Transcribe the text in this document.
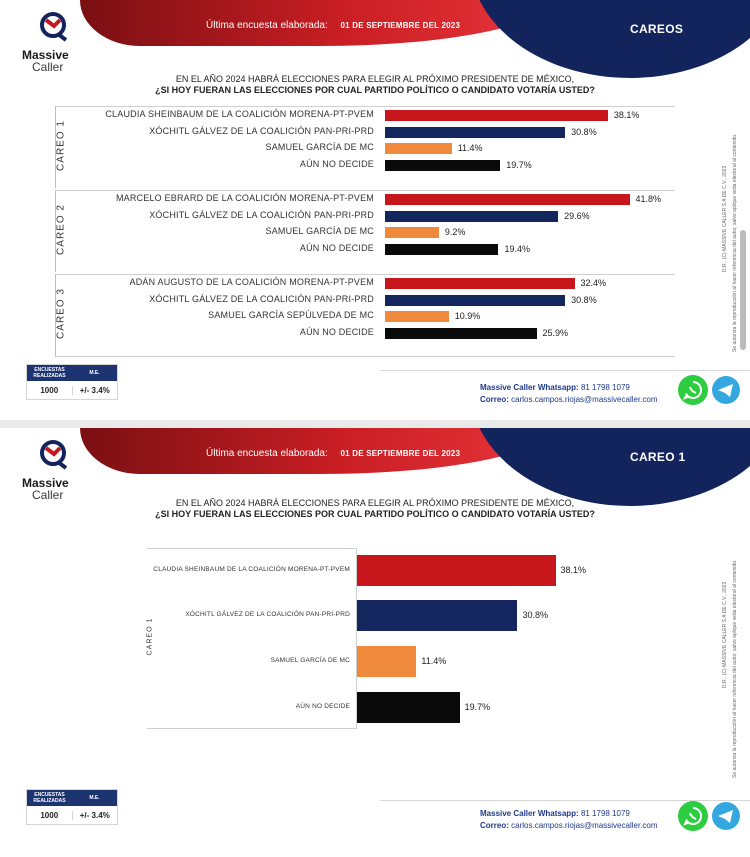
Última encuesta elaborada: 01 DE SEPTIEMBRE DEL 2023	CAREOS
Massive
Caller
EN EL AÑO 2024 HABRÁ ELECCIONES PARA ELEGIR AL PRÓXIMO PRESIDENTE DE MÉXICO,
¿SI HOY FUERAN LAS ELECCIONES POR CUAL PARTIDO POLÍTICO O CANDIDATO VOTARÍA USTED?
CAREO 1
CLAUDIA SHEINBAUM DE LA COALICIÓN MORENA-PT-PVEM	38.1%
XÓCHITL GÁLVEZ DE LA COALICIÓN PAN-PRI-PRD	30.8%
SAMUEL GARCÍA DE MC	11.4%
AÚN NO DECIDE	19.7%
CAREO 2
MARCELO EBRARD DE LA COALICIÓN MORENA-PT-PVEM	41.8%
XÓCHITL GÁLVEZ DE LA COALICIÓN PAN-PRI-PRD	29.6%
SAMUEL GARCÍA DE MC	9.2%
AÚN NO DECIDE	19.4%
CAREO 3
ADÁN AUGUSTO DE LA COALICIÓN MORENA-PT-PVEM	32.4%
XÓCHITL GÁLVEZ DE LA COALICIÓN PAN-PRI-PRD	30.8%
SAMUEL GARCÍA SEPÚLVEDA DE MC	10.9%
AÚN NO DECIDE	25.9%
ENCUESTAS REALIZADAS	M.E.
1000	+/- 3.4%	Massive Caller Whatsapp: 81 1798 1079
Correo: carlos.campos.riojas@massivecaller.com
D.R., (C) MASSIVE CALLER S.A DE C.V., 2023 Se autoriza la reproducción al hacer referencia del autor, salvo aplique veda electoral al contenido.
Última encuesta elaborada: 01 DE SEPTIEMBRE DEL 2023	CAREO 1
Massive
Caller
EN EL AÑO 2024 HABRÁ ELECCIONES PARA ELEGIR AL PRÓXIMO PRESIDENTE DE MÉXICO,
¿SI HOY FUERAN LAS ELECCIONES POR CUAL PARTIDO POLÍTICO O CANDIDATO VOTARÍA USTED?
CAREO 1
CLAUDIA SHEINBAUM DE LA COALICIÓN MORENA-PT-PVEM	38.1%
XÓCHITL GÁLVEZ DE LA COALICIÓN PAN-PRI-PRD	30.8%
SAMUEL GARCÍA DE MC	11.4%
AÚN NO DECIDE	19.7%
ENCUESTAS REALIZADAS	M.E.
1000	+/- 3.4%	Massive Caller Whatsapp: 81 1798 1079
Correo: carlos.campos.riojas@massivecaller.com
D.R., (C) MASSIVE CALLER S.A DE C.V., 2023 Se autoriza la reproducción al hacer referencia del autor, salvo aplique veda electoral al contenido.
